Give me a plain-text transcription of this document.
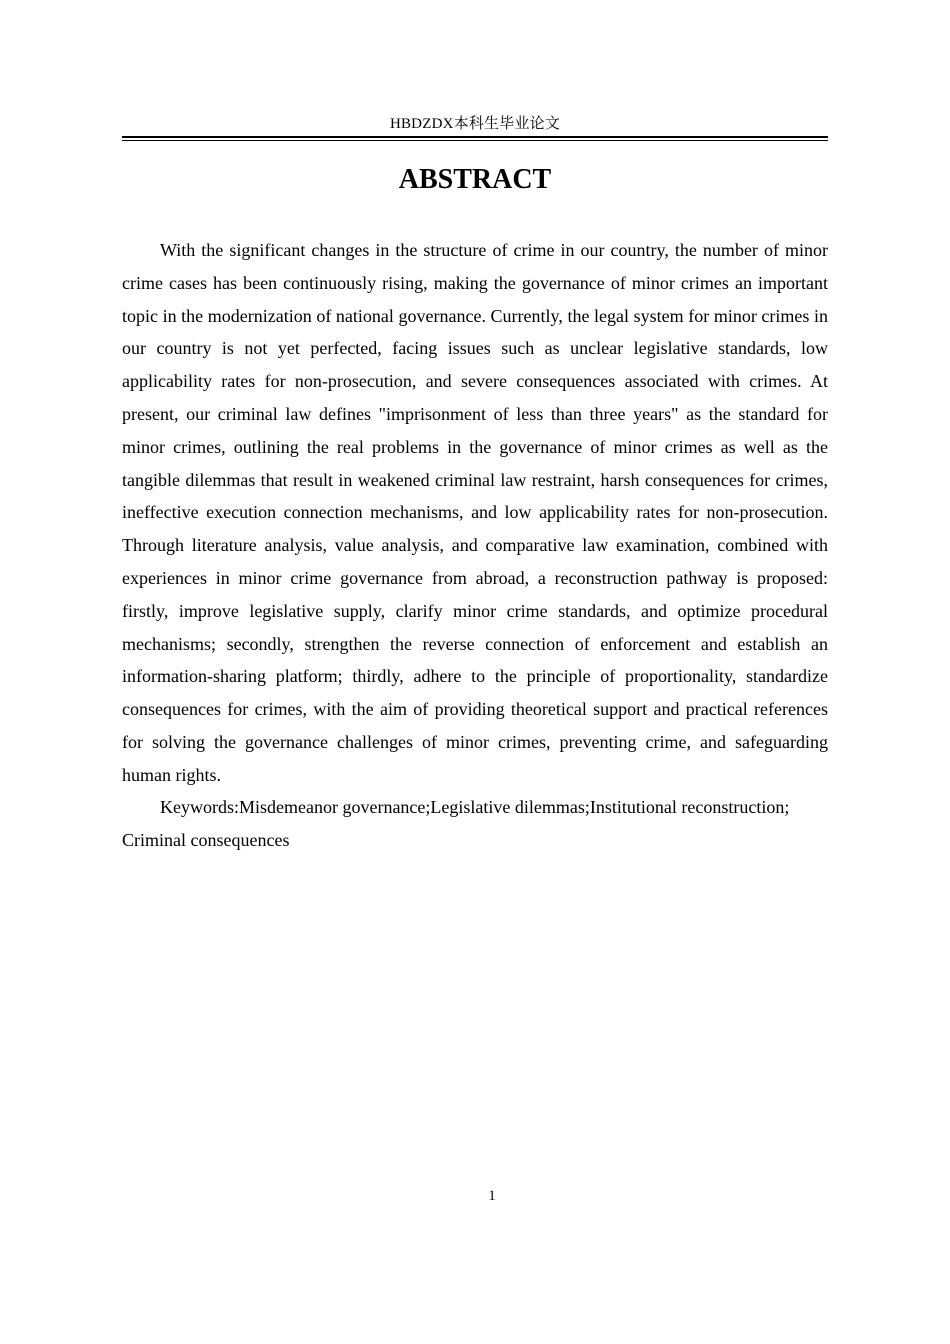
HBDZDX本科生毕业论文
ABSTRACT

With the significant changes in the structure of crime in our country, the number of minor crime cases has been continuously rising, making the governance of minor crimes an important topic in the modernization of national governance. Currently, the legal system for minor crimes in our country is not yet perfected, facing issues such as unclear legislative standards, low applicability rates for non-prosecution, and severe consequences associated with crimes. At present, our criminal law defines "imprisonment of less than three years" as the standard for minor crimes, outlining the real problems in the governance of minor crimes as well as the tangible dilemmas that result in weakened criminal law restraint, harsh consequences for crimes, ineffective execution connection mechanisms, and low applicability rates for non-prosecution. Through literature analysis, value analysis, and comparative law examination, combined with experiences in minor crime governance from abroad, a reconstruction pathway is proposed: firstly, improve legislative supply, clarify minor crime standards, and optimize procedural mechanisms; secondly, strengthen the reverse connection of enforcement and establish an information-sharing platform; thirdly, adhere to the principle of proportionality, standardize consequences for crimes, with the aim of providing theoretical support and practical references for solving the governance challenges of minor crimes, preventing crime, and safeguarding human rights.

Keywords:Misdemeanor governance;Legislative dilemmas;Institutional reconstruction; Criminal consequences

1
